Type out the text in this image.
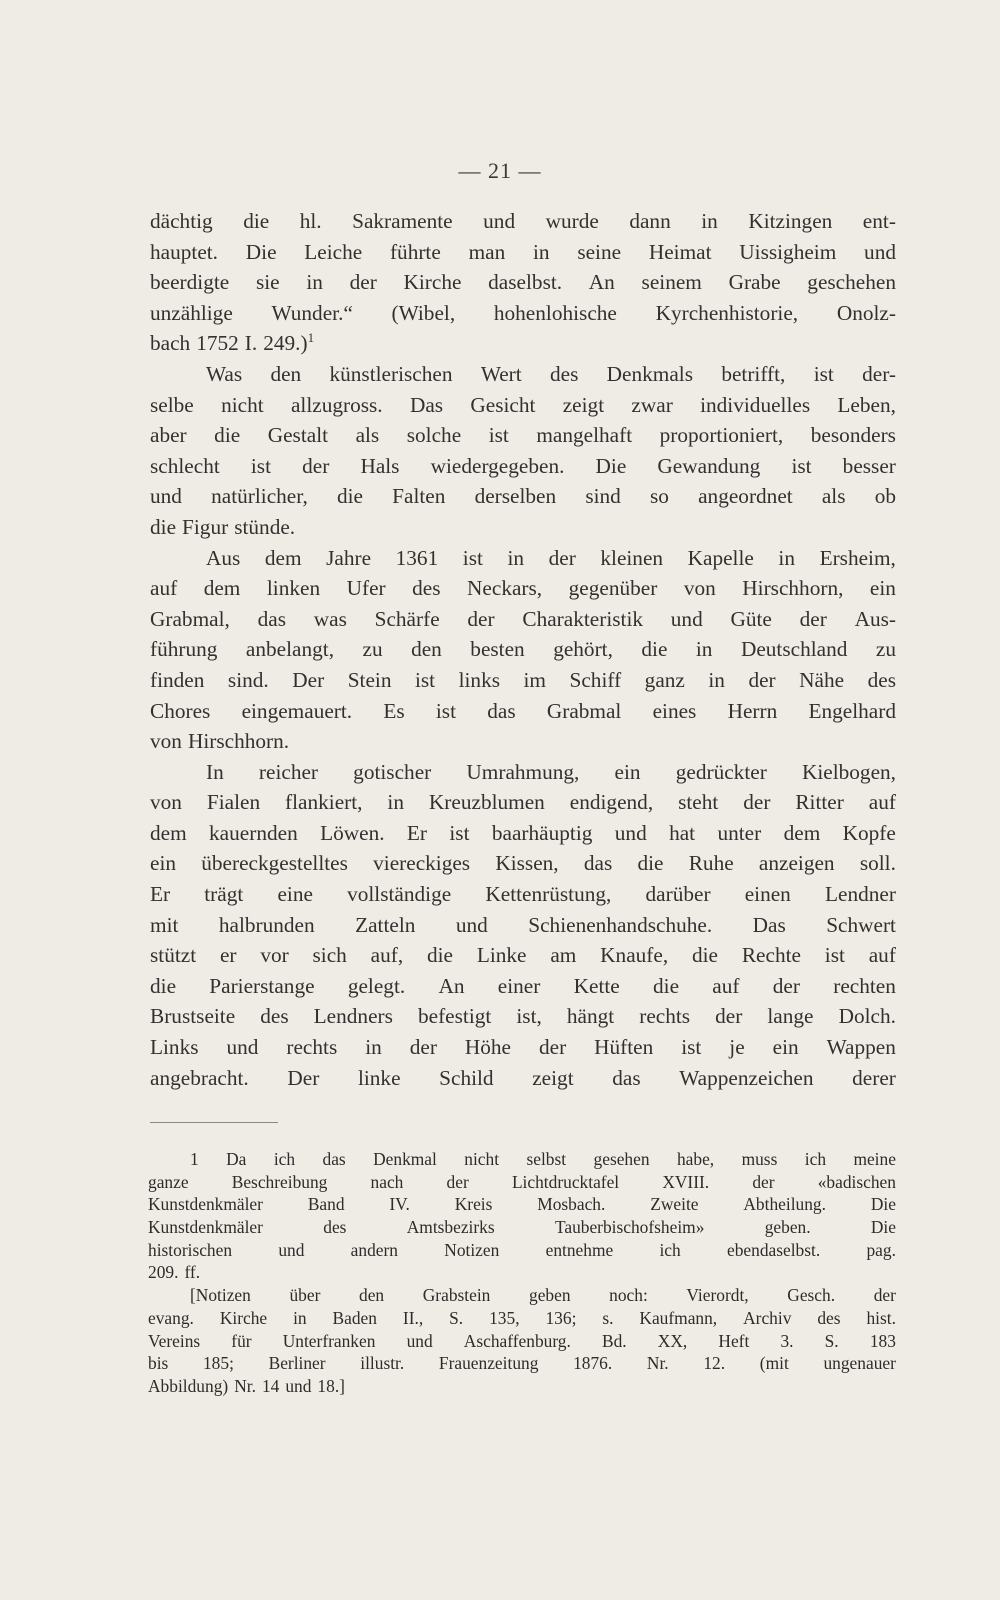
— 21 —
dächtig die hl. Sakramente und wurde dann in Kitzingen ent-
hauptet. Die Leiche führte man in seine Heimat Uissigheim und
beerdigte sie in der Kirche daselbst. An seinem Grabe geschehen
unzählige Wunder.“ (Wibel, hohenlohische Kyrchenhistorie, Onolz-
bach 1752 I. 249.)$^1$
Was den künstlerischen Wert des Denkmals betrifft, ist der-
selbe nicht allzugross. Das Gesicht zeigt zwar individuelles Leben,
aber die Gestalt als solche ist mangelhaft proportioniert, besonders
schlecht ist der Hals wiedergegeben. Die Gewandung ist besser
und natürlicher, die Falten derselben sind so angeordnet als ob
die Figur stünde.
Aus dem Jahre 1361 ist in der kleinen Kapelle in Ersheim,
auf dem linken Ufer des Neckars, gegenüber von Hirschhorn, ein
Grabmal, das was Schärfe der Charakteristik und Güte der Aus-
führung anbelangt, zu den besten gehört, die in Deutschland zu
finden sind. Der Stein ist links im Schiff ganz in der Nähe des
Chores eingemauert. Es ist das Grabmal eines Herrn Engelhard
von Hirschhorn.
In reicher gotischer Umrahmung, ein gedrückter Kielbogen,
von Fialen flankiert, in Kreuzblumen endigend, steht der Ritter auf
dem kauernden Löwen. Er ist baarhäuptig und hat unter dem Kopfe
ein übereckgestelltes viereckiges Kissen, das die Ruhe anzeigen soll.
Er trägt eine vollständige Kettenrüstung, darüber einen Lendner
mit halbrunden Zatteln und Schienenhandschuhe. Das Schwert
stützt er vor sich auf, die Linke am Knaufe, die Rechte ist auf
die Parierstange gelegt. An einer Kette die auf der rechten
Brustseite des Lendners befestigt ist, hängt rechts der lange Dolch.
Links und rechts in der Höhe der Hüften ist je ein Wappen
angebracht. Der linke Schild zeigt das Wappenzeichen derer
1 Da ich das Denkmal nicht selbst gesehen habe, muss ich meine
ganze Beschreibung nach der Lichtdrucktafel XVIII. der «badischen
Kunstdenkmäler	Band	IV.	Kreis	Mosbach.	Zweite	Abtheilung.	Die
Kunstdenkmäler	des	Amtsbezirks	Tauberbischofsheim»	geben.	Die
historischen	und	andern	Notizen	entnehme	ich	ebendaselbst.	pag.
209. ff.
[Notizen über den Grabstein geben noch: Vierordt, Gesch. der
evang. Kirche in Baden II., S. 135, 136; s. Kaufmann, Archiv des hist.
Vereins für Unterfranken und Aschaffenburg. Bd. XX, Heft 3. S. 183
bis 185; Berliner illustr. Frauenzeitung 1876. Nr. 12. (mit ungenauer
Abbildung) Nr. 14 und 18.]
